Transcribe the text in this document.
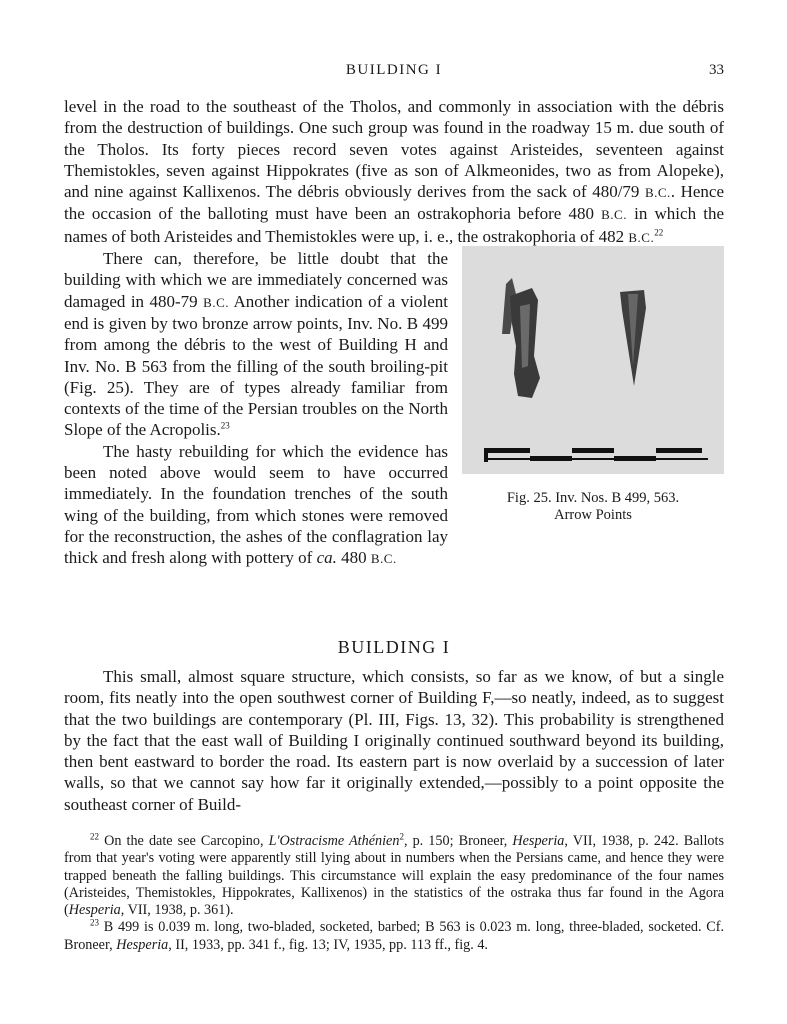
BUILDING I	33

level in the road to the southeast of the Tholos, and commonly in association with the débris from the destruction of buildings. One such group was found in the roadway 15 m. due south of the Tholos. Its forty pieces record seven votes against Aristeides, seventeen against Themistokles, seven against Hippokrates (five as son of Alkmeonides, two as from Alopeke), and nine against Kallixenos. The débris obviously derives from the sack of 480/79 B.C.. Hence the occasion of the balloting must have been an ostrakophoria before 480 B.C. in which the names of both Aristeides and Themistokles were up, i. e., the ostrakophoria of 482 B.C.$^{22}$

Fig. 25. Inv. Nos. B 499, 563.
Arrow Points

There can, therefore, be little doubt that the building with which we are immediately concerned was damaged in 480-79 B.C. Another indication of a violent end is given by two bronze arrow points, Inv. No. B 499 from among the débris to the west of Building H and Inv. No. B 563 from the filling of the south broiling-pit (Fig. 25). They are of types already familiar from contexts of the time of the Persian troubles on the North Slope of the Acropolis.$^{23}$

The hasty rebuilding for which the evidence has been noted above would seem to have occurred immediately. In the foundation trenches of the south wing of the building, from which stones were removed for the reconstruction, the ashes of the conflagration lay thick and fresh along with pottery of ca. 480 B.C.

BUILDING I

This small, almost square structure, which consists, so far as we know, of but a single room, fits neatly into the open southwest corner of Building F,—so neatly, indeed, as to suggest that the two buildings are contemporary (Pl. III, Figs. 13, 32). This probability is strengthened by the fact that the east wall of Building I originally continued southward beyond its building, then bent eastward to border the road. Its eastern part is now overlaid by a succession of later walls, so that we cannot say how far it originally extended,—possibly to a point opposite the southeast corner of Build-

$^{22}$ On the date see Carcopino, L'Ostracisme Athénien$^2$, p. 150; Broneer, Hesperia, VII, 1938, p. 242. Ballots from that year's voting were apparently still lying about in numbers when the Persians came, and hence they were trapped beneath the falling buildings. This circumstance will explain the easy predominance of the four names (Aristeides, Themistokles, Hippokrates, Kallixenos) in the statistics of the ostraka thus far found in the Agora (Hesperia, VII, 1938, p. 361).

$^{23}$ B 499 is 0.039 m. long, two-bladed, socketed, barbed; B 563 is 0.023 m. long, three-bladed, socketed. Cf. Broneer, Hesperia, II, 1933, pp. 341 f., fig. 13; IV, 1935, pp. 113 ff., fig. 4.
